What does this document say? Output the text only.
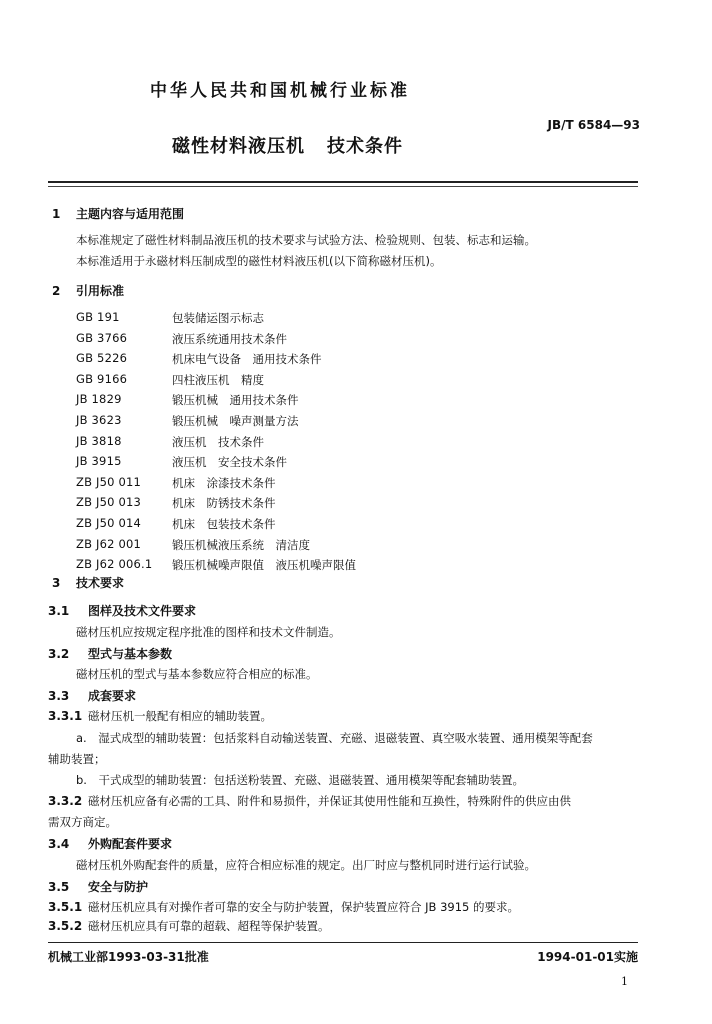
中华人民共和国机械行业标准
JB/T 6584—93
磁性材料液压机 技术条件
1 主题内容与适用范围
本标准规定了磁性材料制品液压机的技术要求与试验方法、检验规则、包装、标志和运输。
本标准适用于永磁材料压制成型的磁性材料液压机(以下简称磁材压机)。
2 引用标准
GB 191	包装储运图示标志
GB 3766	液压系统通用技术条件
GB 5226	机床电气设备　通用技术条件
GB 9166	四柱液压机　精度
JB 1829	锻压机械　通用技术条件
JB 3623	锻压机械　噪声测量方法
JB 3818	液压机　技术条件
JB 3915	液压机　安全技术条件
ZB J50 011	机床　涂漆技术条件
ZB J50 013	机床　防锈技术条件
ZB J50 014	机床　包装技术条件
ZB J62 001	锻压机械液压系统　清洁度
ZB J62 006.1 锻压机械噪声限值　液压机噪声限值
3 技术要求
3.1 图样及技术文件要求
磁材压机应按规定程序批准的图样和技术文件制造。
3.2 型式与基本参数
磁材压机的型式与基本参数应符合相应的标准。
3.3 成套要求
3.3.1 磁材压机一般配有相应的辅助装置。
a.　湿式成型的辅助装置：包括浆料自动输送装置、充磁、退磁装置、真空吸水装置、通用模架等配套
辅助装置；
b.　干式成型的辅助装置：包括送粉装置、充磁、退磁装置、通用模架等配套辅助装置。
3.3.2 磁材压机应备有必需的工具、附件和易损件，并保证其使用性能和互换性，特殊附件的供应由供
需双方商定。
3.4 外购配套件要求
磁材压机外购配套件的质量，应符合相应标准的规定。出厂时应与整机同时进行运行试验。
3.5 安全与防护
3.5.1 磁材压机应具有对操作者可靠的安全与防护装置，保护装置应符合 JB 3915 的要求。
3.5.2 磁材压机应具有可靠的超载、超程等保护装置。
机械工业部1993-03-31批准	1994-01-01实施
1
